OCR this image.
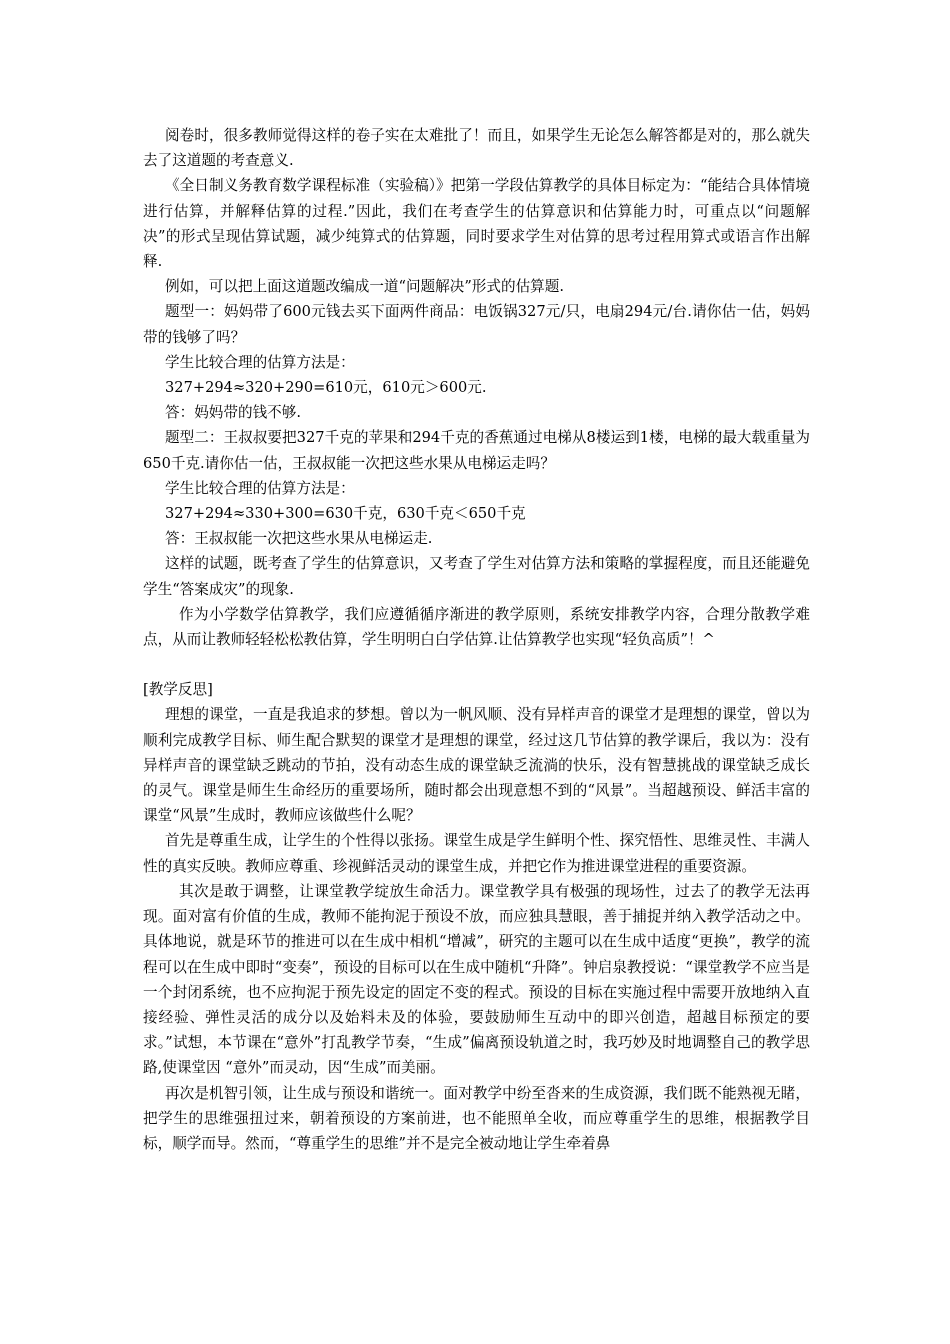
阅卷时，很多教师觉得这样的卷子实在太难批了！而且，如果学生无论怎么解答都是对的，那么就失去了这道题的考查意义.

《全日制义务教育数学课程标准（实验稿）》把第一学段估算教学的具体目标定为：“能结合具体情境进行估算，并解释估算的过程.”因此，我们在考查学生的估算意识和估算能力时，可重点以“问题解决”的形式呈现估算试题，减少纯算式的估算题，同时要求学生对估算的思考过程用算式或语言作出解释.

例如，可以把上面这道题改编成一道“问题解决”形式的估算题.

题型一：妈妈带了600元钱去买下面两件商品：电饭锅327元/只，电扇294元/台.请你估一估，妈妈带的钱够了吗？

学生比较合理的估算方法是：

327+294≈320+290=610元，610元＞600元.

答：妈妈带的钱不够.

题型二：王叔叔要把327千克的苹果和294千克的香蕉通过电梯从8楼运到1楼，电梯的最大载重量为650千克.请你估一估，王叔叔能一次把这些水果从电梯运走吗？

学生比较合理的估算方法是：

327+294≈330+300=630千克，630千克＜650千克

答：王叔叔能一次把这些水果从电梯运走.

这样的试题，既考查了学生的估算意识，又考查了学生对估算方法和策略的掌握程度，而且还能避免学生“答案成灾”的现象.

作为小学数学估算教学，我们应遵循循序渐进的教学原则，系统安排教学内容，合理分散教学难点，从而让教师轻轻松松教估算，学生明明白白学估算.让估算教学也实现“轻负高质”！^

[教学反思]

理想的课堂，一直是我追求的梦想。曾以为一帆风顺、没有异样声音的课堂才是理想的课堂，曾以为顺利完成教学目标、师生配合默契的课堂才是理想的课堂，经过这几节估算的教学课后，我以为：没有异样声音的课堂缺乏跳动的节拍，没有动态生成的课堂缺乏流淌的快乐，没有智慧挑战的课堂缺乏成长的灵气。课堂是师生生命经历的重要场所，随时都会出现意想不到的“风景”。当超越预设、鲜活丰富的课堂“风景”生成时，教师应该做些什么呢？

首先是尊重生成，让学生的个性得以张扬。课堂生成是学生鲜明个性、探究悟性、思维灵性、丰满人性的真实反映。教师应尊重、珍视鲜活灵动的课堂生成，并把它作为推进课堂进程的重要资源。

其次是敢于调整，让课堂教学绽放生命活力。课堂教学具有极强的现场性，过去了的教学无法再现。面对富有价值的生成，教师不能拘泥于预设不放，而应独具慧眼，善于捕捉并纳入教学活动之中。具体地说，就是环节的推进可以在生成中相机“增减”，研究的主题可以在生成中适度“更换”，教学的流程可以在生成中即时“变奏”，预设的目标可以在生成中随机“升降”。钟启泉教授说：“课堂教学不应当是一个封闭系统，也不应拘泥于预先设定的固定不变的程式。预设的目标在实施过程中需要开放地纳入直接经验、弹性灵活的成分以及始料未及的体验，要鼓励师生互动中的即兴创造，超越目标预定的要求。”试想，本节课在“意外”打乱教学节奏，“生成”偏离预设轨道之时，我巧妙及时地调整自己的教学思路,使课堂因 “意外”而灵动，因“生成”而美丽。

再次是机智引领，让生成与预设和谐统一。面对教学中纷至沓来的生成资源，我们既不能熟视无睹，把学生的思维强扭过来，朝着预设的方案前进，也不能照单全收，而应尊重学生的思维，根据教学目标，顺学而导。然而，“尊重学生的思维”并不是完全被动地让学生牵着鼻
